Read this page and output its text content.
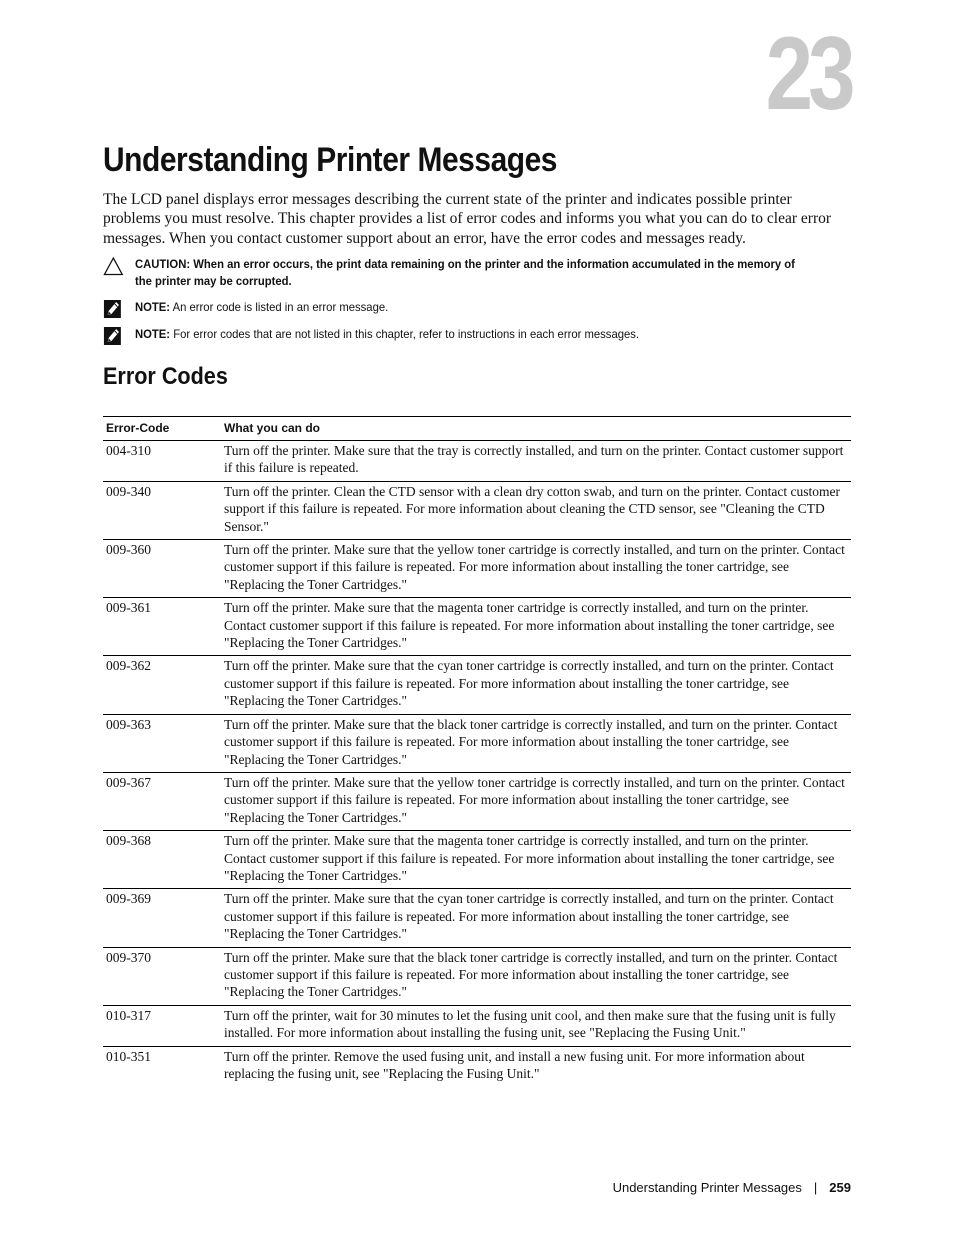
23
Understanding Printer Messages

The LCD panel displays error messages describing the current state of the printer and indicates possible printer problems you must resolve. This chapter provides a list of error codes and informs you what you can do to clear error messages. When you contact customer support about an error, have the error codes and messages ready.

CAUTION: When an error occurs, the print data remaining on the printer and the information accumulated in the memory of the printer may be corrupted.
NOTE: An error code is listed in an error message.
NOTE: For error codes that are not listed in this chapter, refer to instructions in each error messages.
Error Codes
Error-Code	What you can do
004-310	Turn off the printer. Make sure that the tray is correctly installed, and turn on the printer. Contact customer support if this failure is repeated.
009-340	Turn off the printer. Clean the CTD sensor with a clean dry cotton swab, and turn on the printer. Contact customer support if this failure is repeated. For more information about cleaning the CTD sensor, see "Cleaning the CTD Sensor."
009-360	Turn off the printer. Make sure that the yellow toner cartridge is correctly installed, and turn on the printer. Contact customer support if this failure is repeated. For more information about installing the toner cartridge, see "Replacing the Toner Cartridges."
009-361	Turn off the printer. Make sure that the magenta toner cartridge is correctly installed, and turn on the printer. Contact customer support if this failure is repeated. For more information about installing the toner cartridge, see "Replacing the Toner Cartridges."
009-362	Turn off the printer. Make sure that the cyan toner cartridge is correctly installed, and turn on the printer. Contact customer support if this failure is repeated. For more information about installing the toner cartridge, see "Replacing the Toner Cartridges."
009-363	Turn off the printer. Make sure that the black toner cartridge is correctly installed, and turn on the printer. Contact customer support if this failure is repeated. For more information about installing the toner cartridge, see "Replacing the Toner Cartridges."
009-367	Turn off the printer. Make sure that the yellow toner cartridge is correctly installed, and turn on the printer. Contact customer support if this failure is repeated. For more information about installing the toner cartridge, see "Replacing the Toner Cartridges."
009-368	Turn off the printer. Make sure that the magenta toner cartridge is correctly installed, and turn on the printer. Contact customer support if this failure is repeated. For more information about installing the toner cartridge, see "Replacing the Toner Cartridges."
009-369	Turn off the printer. Make sure that the cyan toner cartridge is correctly installed, and turn on the printer. Contact customer support if this failure is repeated. For more information about installing the toner cartridge, see "Replacing the Toner Cartridges."
009-370	Turn off the printer. Make sure that the black toner cartridge is correctly installed, and turn on the printer. Contact customer support if this failure is repeated. For more information about installing the toner cartridge, see "Replacing the Toner Cartridges."
010-317	Turn off the printer, wait for 30 minutes to let the fusing unit cool, and then make sure that the fusing unit is fully installed. For more information about installing the fusing unit, see "Replacing the Fusing Unit."
010-351	Turn off the printer. Remove the used fusing unit, and install a new fusing unit. For more information about replacing the fusing unit, see "Replacing the Fusing Unit."
Understanding Printer Messages | 259
